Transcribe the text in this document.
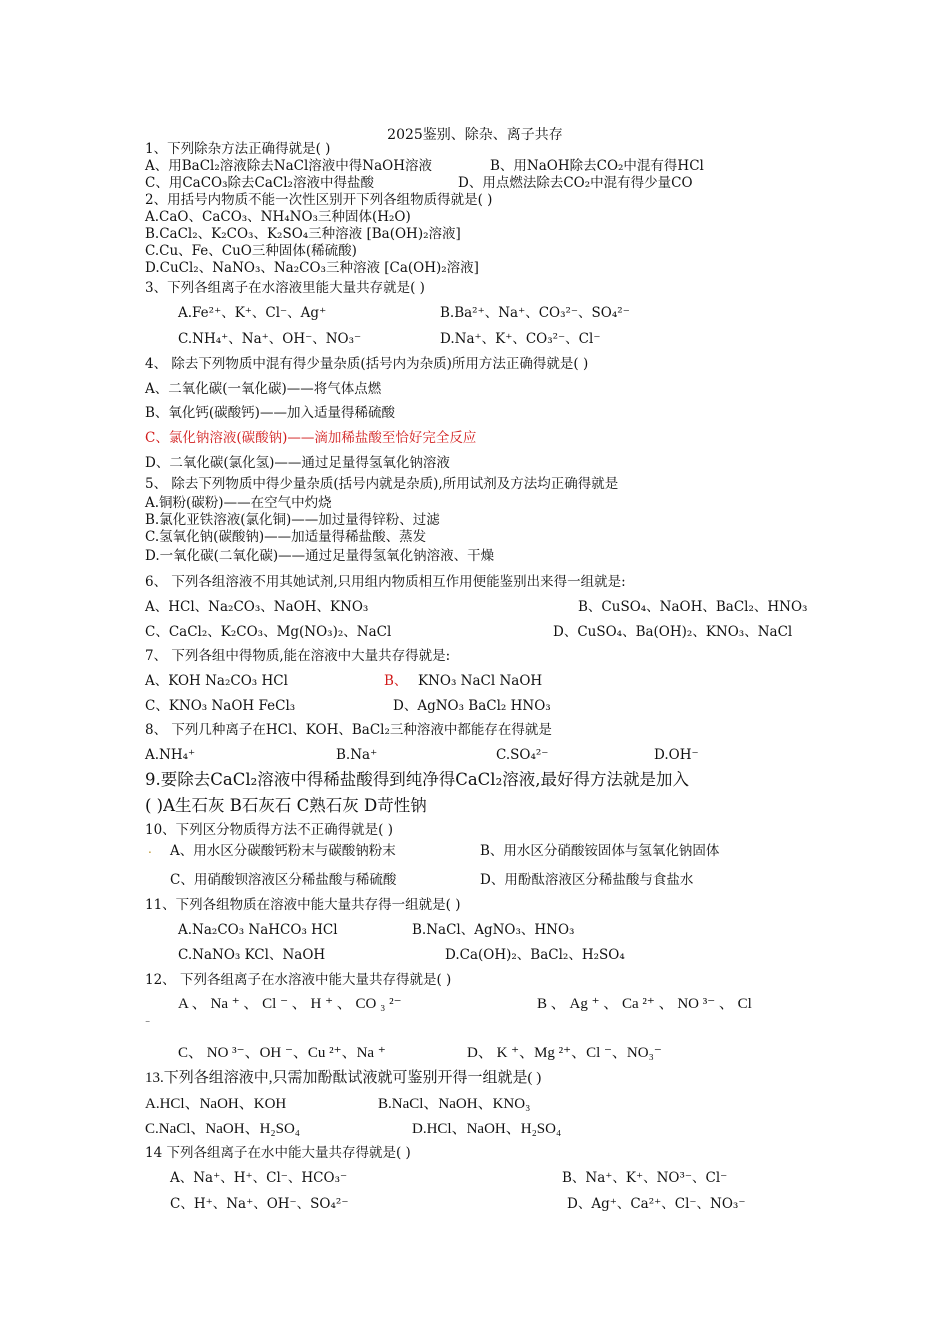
2025鉴别、除杂、离子共存
1、下列除杂方法正确得就是( )
A、用BaCl₂溶液除去NaCl溶液中得NaOH溶液	B、用NaOH除去CO₂中混有得HCl
C、用CaCO₃除去CaCl₂溶液中得盐酸	D、用点燃法除去CO₂中混有得少量CO
2、用括号内物质不能一次性区别开下列各组物质得就是( )
A.CaO、CaCO₃、NH₄NO₃三种固体(H₂O)
B.CaCl₂、K₂CO₃、K₂SO₄三种溶液 [Ba(OH)₂溶液]
C.Cu、Fe、CuO三种固体(稀硫酸)
D.CuCl₂、NaNO₃、Na₂CO₃三种溶液 [Ca(OH)₂溶液]
3、下列各组离子在水溶液里能大量共存就是( )
A.Fe²⁺、K⁺、Cl⁻、Ag⁺	B.Ba²⁺、Na⁺、CO₃²⁻、SO₄²⁻
C.NH₄⁺、Na⁺、OH⁻、NO₃⁻	D.Na⁺、K⁺、CO₃²⁻、Cl⁻
4、 除去下列物质中混有得少量杂质(括号内为杂质)所用方法正确得就是( )
A、二氧化碳(一氧化碳)——将气体点燃
B、氧化钙(碳酸钙)——加入适量得稀硫酸
C、氯化钠溶液(碳酸钠)——滴加稀盐酸至恰好完全反应
D、二氧化碳(氯化氢)——通过足量得氢氧化钠溶液
5、 除去下列物质中得少量杂质(括号内就是杂质),所用试剂及方法均正确得就是
A.铜粉(碳粉)——在空气中灼烧
B.氯化亚铁溶液(氯化铜)——加过量得锌粉、过滤
C.氢氧化钠(碳酸钠)——加适量得稀盐酸、蒸发
D.一氧化碳(二氧化碳)——通过足量得氢氧化钠溶液、干燥
6、 下列各组溶液不用其她试剂,只用组内物质相互作用便能鉴别出来得一组就是:
A、HCl、Na₂CO₃、NaOH、KNO₃	B、CuSO₄、NaOH、BaCl₂、HNO₃
C、CaCl₂、K₂CO₃、Mg(NO₃)₂、NaCl	D、CuSO₄、Ba(OH)₂、KNO₃、NaCl
7、 下列各组中得物质,能在溶液中大量共存得就是:
A、KOH Na₂CO₃ HCl	B、 KNO₃ NaCl NaOH
C、KNO₃ NaOH FeCl₃	D、AgNO₃ BaCl₂ HNO₃
8、 下列几种离子在HCl、KOH、BaCl₂三种溶液中都能存在得就是
A.NH₄⁺	B.Na⁺	C.SO₄²⁻	D.OH⁻
9.要除去CaCl₂溶液中得稀盐酸得到纯净得CaCl₂溶液,最好得方法就是加入
( )A生石灰 B石灰石 C熟石灰 D苛性钠
10、下列区分物质得方法不正确得就是( )
. A、用水区分碳酸钙粉末与碳酸钠粉末	B、用水区分硝酸铵固体与氢氧化钠固体
C、用硝酸钡溶液区分稀盐酸与稀硫酸	D、用酚酞溶液区分稀盐酸与食盐水
11、下列各组物质在溶液中能大量共存得一组就是( )
A.Na₂CO₃ NaHCO₃ HCl	B.NaCl、AgNO₃、HNO₃
C.NaNO₃ KCl、NaOH	D.Ca(OH)₂、BaCl₂、H₂SO₄
12、 下列各组离子在水溶液中能大量共存得就是( )
A 、 Na ⁺ 、 Cl ⁻ 、 H ⁺ 、 CO ₃ ²⁻	B 、 Ag ⁺ 、 Ca ²⁺ 、 NO ³⁻ 、 Cl
⁻
C、 NO ³⁻、OH ⁻、Cu ²⁺、Na ⁺	D、 K ⁺、Mg ²⁺、Cl ⁻、NO₃⁻
13.下列各组溶液中,只需加酚酞试液就可鉴别开得一组就是( )
A.HCl、NaOH、KOH	B.NaCl、NaOH、KNO₃
C.NaCl、NaOH、H₂SO₄	D.HCl、NaOH、H₂SO₄
14 下列各组离子在水中能大量共存得就是( )
A、Na⁺、H⁺、Cl⁻、HCO₃⁻	B、Na⁺、K⁺、NO³⁻、Cl⁻
C、H⁺、Na⁺、OH⁻、SO₄²⁻	D、Ag⁺、Ca²⁺、Cl⁻、NO₃⁻
